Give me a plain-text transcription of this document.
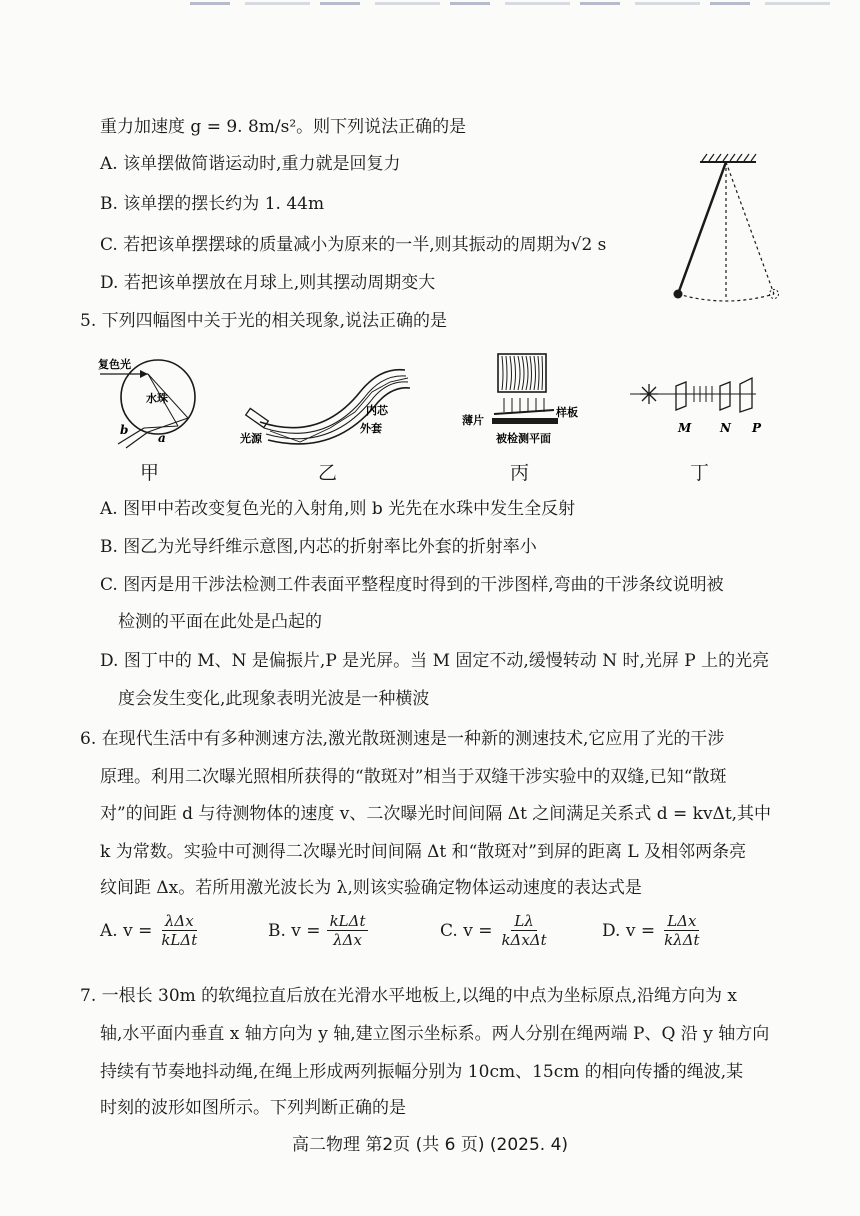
重力加速度 g = 9. 8m/s²。则下列说法正确的是
A. 该单摆做简谐运动时,重力就是回复力
B. 该单摆的摆长约为 1. 44m
C. 若把该单摆摆球的质量减小为原来的一半,则其振动的周期为√2 s
D. 若把该单摆放在月球上,则其摆动周期变大
5. 下列四幅图中关于光的相关现象,说法正确的是
复色光
水珠
b
a
甲
光源
内芯
外套
乙
薄片
样板
被检测平面
丙
M N P
丁
A. 图甲中若改变复色光的入射角,则 b 光先在水珠中发生全反射
B. 图乙为光导纤维示意图,内芯的折射率比外套的折射率小
C. 图丙是用干涉法检测工件表面平整程度时得到的干涉图样,弯曲的干涉条纹说明被
检测的平面在此处是凸起的
D. 图丁中的 M、N 是偏振片,P 是光屏。当 M 固定不动,缓慢转动 N 时,光屏 P 上的光亮
度会发生变化,此现象表明光波是一种横波
6. 在现代生活中有多种测速方法,激光散斑测速是一种新的测速技术,它应用了光的干涉
原理。利用二次曝光照相所获得的“散斑对”相当于双缝干涉实验中的双缝,已知“散斑
对”的间距 d 与待测物体的速度 v、二次曝光时间间隔 Δt 之间满足关系式 d = kvΔt,其中
k 为常数。实验中可测得二次曝光时间间隔 Δt 和“散斑对”到屏的距离 L 及相邻两条亮
纹间距 Δx。若所用激光波长为 λ,则该实验确定物体运动速度的表达式是
A. $v = \frac{\text{λΔx}}{\text{kLΔt}}$	B. $v = \frac{\text{kLΔt}}{\text{λΔx}}$	C. $v = \frac{L\lambda}{\text{kΔxΔt}}$	D. $v = \frac{\text{LΔx}}{\text{kλΔt}}$
7. 一根长 30m 的软绳拉直后放在光滑水平地板上,以绳的中点为坐标原点,沿绳方向为 x
轴,水平面内垂直 x 轴方向为 y 轴,建立图示坐标系。两人分别在绳两端 P、Q 沿 y 轴方向
持续有节奏地抖动绳,在绳上形成两列振幅分别为 10cm、15cm 的相向传播的绳波,某
时刻的波形如图所示。下列判断正确的是
高二物理 第2页 (共 6 页) (2025. 4)
